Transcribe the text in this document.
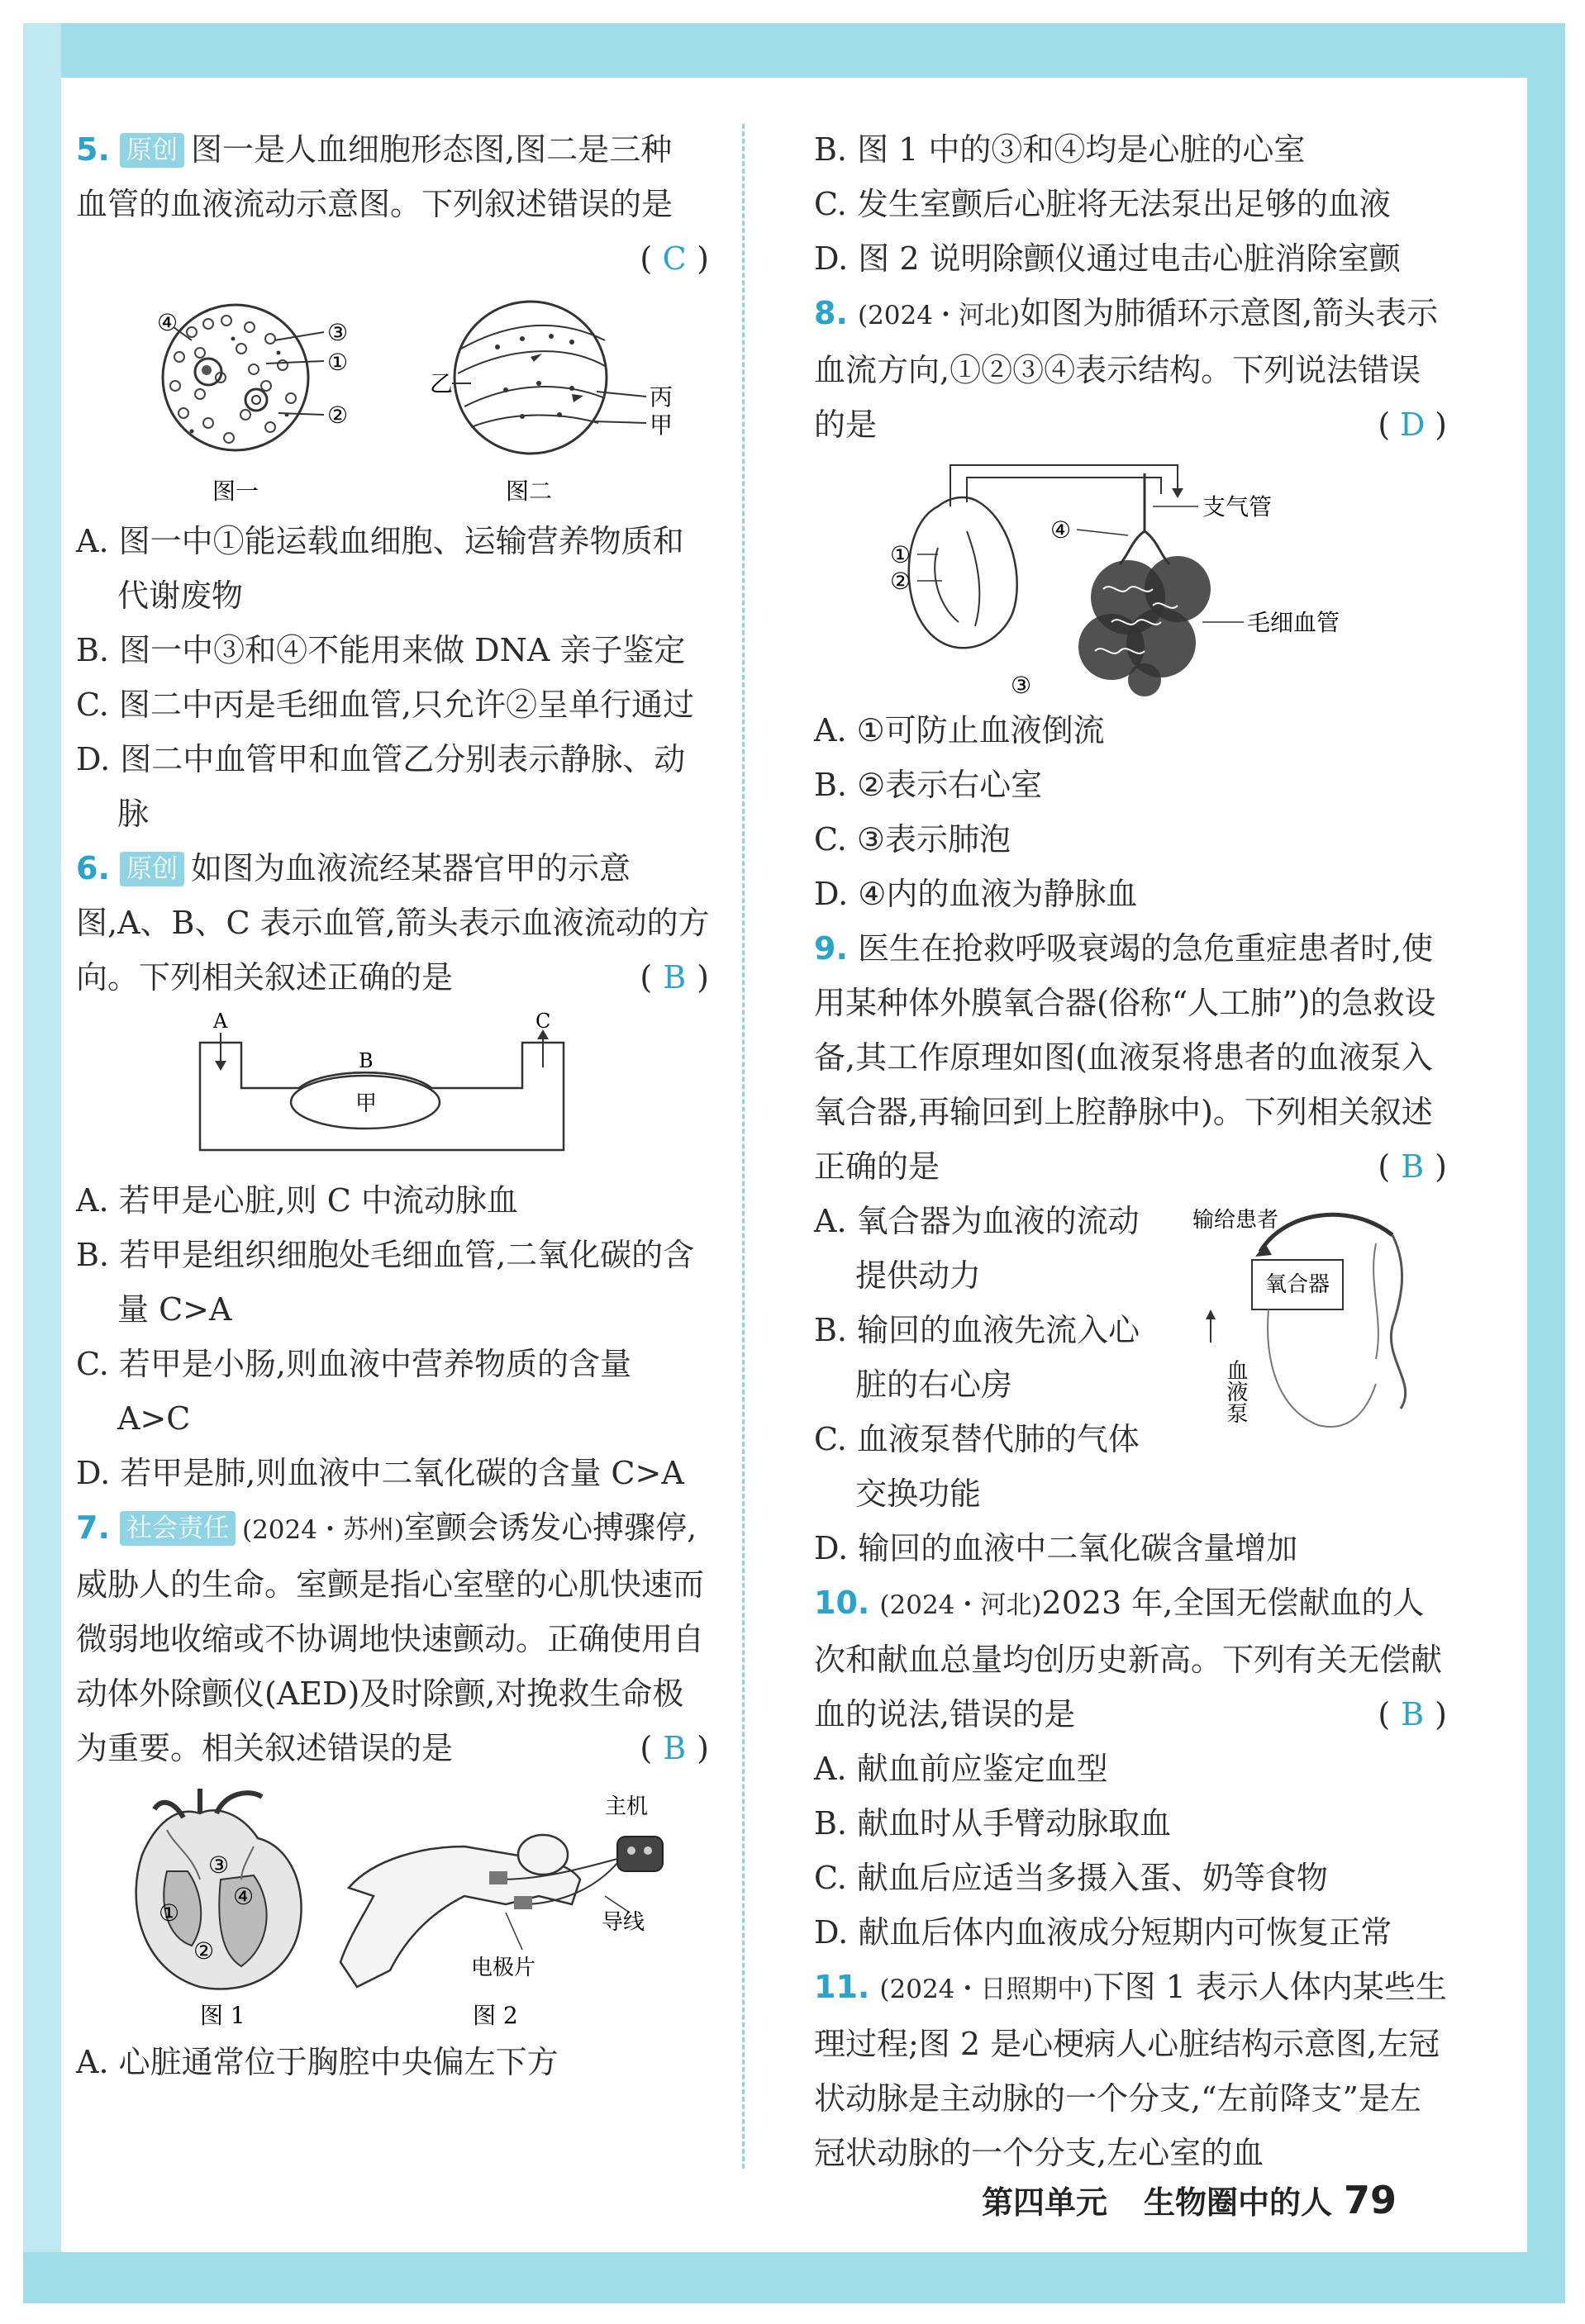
5. 原创 图一是人血细胞形态图,图二是三种

血管的血液流动示意图。下列叙述错误的是

( C )

④	③
①
②
图一
乙	丙
甲
图二

A. 图一中①能运载血细胞、运输营养物质和代谢废物

B. 图一中③和④不能用来做 DNA 亲子鉴定

C. 图二中丙是毛细血管,只允许②呈单行通过

D. 图二中血管甲和血管乙分别表示静脉、动脉

6. 原创 如图为血液流经某器官甲的示意图,A、B、C 表示血管,箭头表示血液流动的方向。下列相关叙述正确的是	( B )

A
B
C
甲

A. 若甲是心脏,则 C 中流动脉血

B. 若甲是组织细胞处毛细血管,二氧化碳的含量 C>A

C. 若甲是小肠,则血液中营养物质的含量 A>C

D. 若甲是肺,则血液中二氧化碳的含量 C>A

7. 社会责任 (2024・苏州)室颤会诱发心搏骤停,威胁人的生命。室颤是指心室壁的心肌快速而微弱地收缩或不协调地快速颤动。正确使用自动体外除颤仪(AED)及时除颤,对挽救生命极为重要。相关叙述错误的是	( B )

③
①
④
②
图 1
主机
导线
电极片
图 2

A. 心脏通常位于胸腔中央偏左下方

B. 图 1 中的③和④均是心脏的心室

C. 发生室颤后心脏将无法泵出足够的血液

D. 图 2 说明除颤仪通过电击心脏消除室颤

8. (2024・河北)如图为肺循环示意图,箭头表示血流方向,①②③④表示结构。下列说法错误的是	( D )

①
②
④
③
支气管
毛细血管

A. ①可防止血液倒流

B. ②表示右心室

C. ③表示肺泡

D. ④内的血液为静脉血

9. 医生在抢救呼吸衰竭的急危重症患者时,使用某种体外膜氧合器(俗称“人工肺”)的急救设备,其工作原理如图(血液泵将患者的血液泵入氧合器,再输回到上腔静脉中)。下列相关叙述正确的是	( B )

A. 氧合器为血液的流动提供动力

B. 输回的血液先流入心脏的右心房

C. 血液泵替代肺的气体交换功能

输给患者
氧合器
血液泵

D. 输回的血液中二氧化碳含量增加

10. (2024・河北)2023 年,全国无偿献血的人次和献血总量均创历史新高。下列有关无偿献血的说法,错误的是	( B )

A. 献血前应鉴定血型

B. 献血时从手臂动脉取血

C. 献血后应适当多摄入蛋、奶等食物

D. 献血后体内血液成分短期内可恢复正常

11. (2024・日照期中)下图 1 表示人体内某些生理过程;图 2 是心梗病人心脏结构示意图,左冠状动脉是主动脉的一个分支,“左前降支”是左冠状动脉的一个分支,左心室的血

第四单元 生物圈中的人 79
